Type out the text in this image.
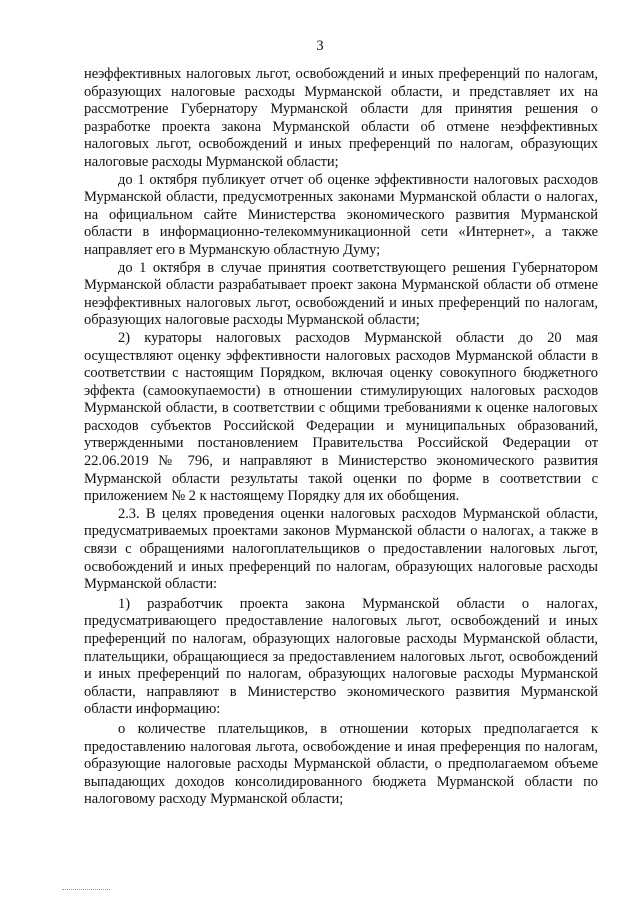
3

неэффективных налоговых льгот, освобождений и иных преференций по налогам, образующих налоговые расходы Мурманской области, и представляет их на рассмотрение Губернатору Мурманской области для принятия решения о разработке проекта закона Мурманской области об отмене неэффективных налоговых льгот, освобождений и иных преференций по налогам, образующих налоговые расходы Мурманской области;

до 1 октября публикует отчет об оценке эффективности налоговых расходов Мурманской области, предусмотренных законами Мурманской области о налогах, на официальном сайте Министерства экономического развития Мурманской области в информационно-телекоммуникационной сети «Интернет», а также направляет его в Мурманскую областную Думу;

до 1 октября в случае принятия соответствующего решения Губернатором Мурманской области разрабатывает проект закона Мурманской области об отмене неэффективных налоговых льгот, освобождений и иных преференций по налогам, образующих налоговые расходы Мурманской области;

2) кураторы налоговых расходов Мурманской области до 20 мая осуществляют оценку эффективности налоговых расходов Мурманской области в соответствии с настоящим Порядком, включая оценку совокупного бюджетного эффекта (самоокупаемости) в отношении стимулирующих налоговых расходов Мурманской области, в соответствии с общими требованиями к оценке налоговых расходов субъектов Российской Федерации и муниципальных образований, утвержденными постановлением Правительства Российской Федерации от 22.06.2019 № 796, и направляют в Министерство экономического развития Мурманской области результаты такой оценки по форме в соответствии с приложением № 2 к настоящему Порядку для их обобщения.

2.3. В целях проведения оценки налоговых расходов Мурманской области, предусматриваемых проектами законов Мурманской области о налогах, а также в связи с обращениями налогоплательщиков о предоставлении налоговых льгот, освобождений и иных преференций по налогам, образующих налоговые расходы Мурманской области:

1) разработчик проекта закона Мурманской области о налогах, предусматривающего предоставление налоговых льгот, освобождений и иных преференций по налогам, образующих налоговые расходы Мурманской области, плательщики, обращающиеся за предоставлением налоговых льгот, освобождений и иных преференций по налогам, образующих налоговые расходы Мурманской области, направляют в Министерство экономического развития Мурманской области информацию:

о количестве плательщиков, в отношении которых предполагается к предоставлению налоговая льгота, освобождение и иная преференция по налогам, образующие налоговые расходы Мурманской области, о предполагаемом объеме выпадающих доходов консолидированного бюджета Мурманской области по налоговому расходу Мурманской области;
